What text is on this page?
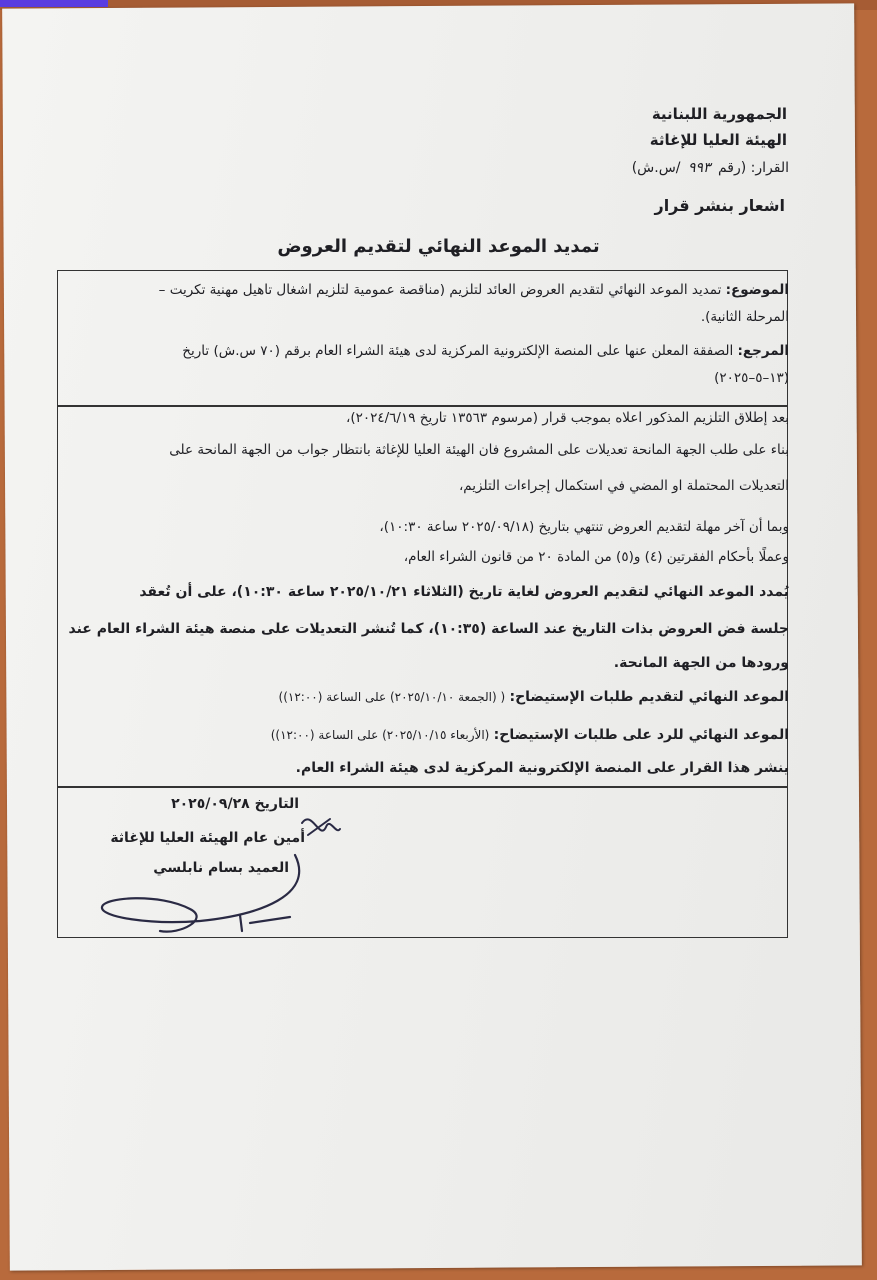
الجمهورية اللبنانية
الهيئة العليا للإغاثة
القرار: (رقم ٩٩٣ /س.ش)
اشعار بنشر قرار
تمديد الموعد النهائي لتقديم العروض
الموضوع: تمديد الموعد النهائي لتقديم العروض العائد لتلزيم (مناقصة عمومية لتلزيم اشغال تاهيل مهنية تكريت –
المرحلة الثانية).
المرجع: الصفقة المعلن عنها على المنصة الإلكترونية المركزية لدى هيئة الشراء العام برقم (٧٠ س.ش) تاريخ
(١٣–٥–٢٠٢٥)
بعد إطلاق التلزيم المذكور اعلاه بموجب قرار (مرسوم ١٣٥٦٣ تاريخ ٢٠٢٤/٦/١٩)،
بناء على طلب الجهة المانحة تعديلات على المشروع فان الهيئة العليا للإغاثة بانتظار جواب من الجهة المانحة على
التعديلات المحتملة او المضي في استكمال إجراءات التلزيم،
وبما أن آخر مهلة لتقديم العروض تنتهي بتاريخ (٢٠٢٥/٠٩/١٨ ساعة ١٠:٣٠)،
وعملًا بأحكام الفقرتين (٤) و(٥) من المادة ٢٠ من قانون الشراء العام،
يُمدد الموعد النهائي لتقديم العروض لغاية تاريخ (الثلاثاء ٢٠٢٥/١٠/٢١ ساعة ١٠:٣٠)، على أن تُعقد
جلسة فض العروض بذات التاريخ عند الساعة (١٠:٣٥)، كما تُنشر التعديلات على منصة هيئة الشراء العام عند
ورودها من الجهة المانحة.
الموعد النهائي لتقديم طلبات الإستيضاح: ( (الجمعة ٢٠٢٥/١٠/١٠) على الساعة (١٢:٠٠))
الموعد النهائي للرد على طلبات الإستيضاح: (الأربعاء ٢٠٢٥/١٠/١٥) على الساعة (١٢:٠٠))
ينشر هذا القرار على المنصة الإلكترونية المركزية لدى هيئة الشراء العام.
التاريخ ٢٠٢٥/٠٩/٢٨
أمين عام الهيئة العليا للإغاثة
العميد بسام نابلسي
